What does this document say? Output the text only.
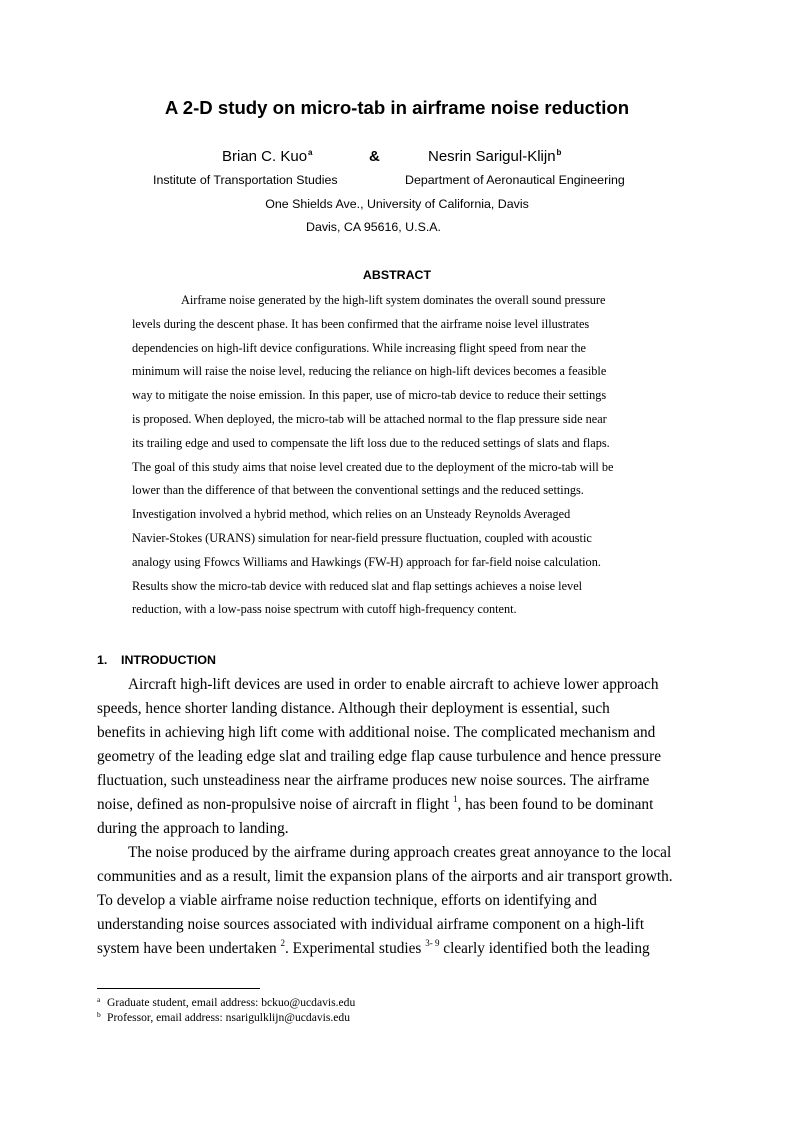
A 2-D study on micro-tab in airframe noise reduction
Brian C. Kuo$^a$	&	Nesrin Sarigul-Klijn$^b$
Institute of Transportation Studies	Department of Aeronautical Engineering
One Shields Ave., University of California, Davis
Davis, CA 95616, U.S.A.
ABSTRACT
Airframe noise generated by the high-lift system dominates the overall sound pressure
levels during the descent phase. It has been confirmed that the airframe noise level illustrates
dependencies on high-lift device configurations. While increasing flight speed from near the
minimum will raise the noise level, reducing the reliance on high-lift devices becomes a feasible
way to mitigate the noise emission. In this paper, use of micro-tab device to reduce their settings
is proposed. When deployed, the micro-tab will be attached normal to the flap pressure side near
its trailing edge and used to compensate the lift loss due to the reduced settings of slats and flaps.
The goal of this study aims that noise level created due to the deployment of the micro-tab will be
lower than the difference of that between the conventional settings and the reduced settings.
Investigation involved a hybrid method, which relies on an Unsteady Reynolds Averaged
Navier-Stokes (URANS) simulation for near-field pressure fluctuation, coupled with acoustic
analogy using Ffowcs Williams and Hawkings (FW-H) approach for far-field noise calculation.
Results show the micro-tab device with reduced slat and flap settings achieves a noise level
reduction, with a low-pass noise spectrum with cutoff high-frequency content.
1. INTRODUCTION
Aircraft high-lift devices are used in order to enable aircraft to achieve lower approach
speeds, hence shorter landing distance. Although their deployment is essential, such
benefits in achieving high lift come with additional noise. The complicated mechanism and
geometry of the leading edge slat and trailing edge flap cause turbulence and hence pressure
fluctuation, such unsteadiness near the airframe produces new noise sources. The airframe
noise, defined as non-propulsive noise of aircraft in flight $^1$, has been found to be dominant
during the approach to landing.
The noise produced by the airframe during approach creates great annoyance to the local
communities and as a result, limit the expansion plans of the airports and air transport growth.
To develop a viable airframe noise reduction technique, efforts on identifying and
understanding noise sources associated with individual airframe component on a high-lift
system have been undertaken $^2$. Experimental studies $^{3- 9}$ clearly identified both the leading
a Graduate student, email address: bckuo@ucdavis.edu
b Professor, email address: nsarigulklijn@ucdavis.edu
